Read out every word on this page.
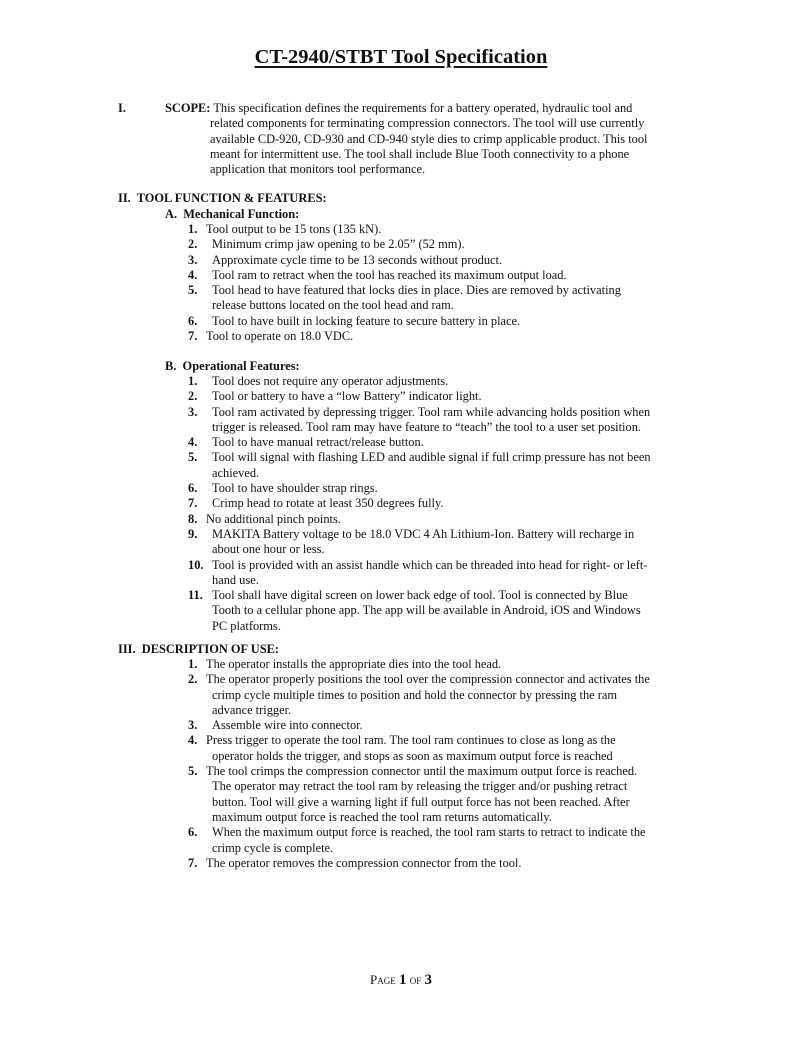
CT-2940/STBT Tool Specification
I.	SCOPE: This specification defines the requirements for a battery operated, hydraulic tool and
related components for terminating compression connectors. The tool will use currently
available CD-920, CD-930 and CD-940 style dies to crimp applicable product. This tool
meant for intermittent use. The tool shall include Blue Tooth connectivity to a phone
application that monitors tool performance.
II.  TOOL FUNCTION & FEATURES:
A.  Mechanical Function:
1. Tool output to be 15 tons (135 kN).
2. Minimum crimp jaw opening to be 2.05” (52 mm).
3. Approximate cycle time to be 13 seconds without product.
4. Tool ram to retract when the tool has reached its maximum output load.
5. Tool head to have featured that locks dies in place. Dies are removed by activating
release buttons located on the tool head and ram.
6. Tool to have built in locking feature to secure battery in place.
7. Tool to operate on 18.0 VDC.
B.  Operational Features:
1. Tool does not require any operator adjustments.
2. Tool or battery to have a “low Battery” indicator light.
3. Tool ram activated by depressing trigger. Tool ram while advancing holds position when
trigger is released. Tool ram may have feature to “teach” the tool to a user set position.
4. Tool to have manual retract/release button.
5. Tool will signal with flashing LED and audible signal if full crimp pressure has not been
achieved.
6. Tool to have shoulder strap rings.
7. Crimp head to rotate at least 350 degrees fully.
8. No additional pinch points.
9. MAKITA Battery voltage to be 18.0 VDC 4 Ah Lithium-Ion. Battery will recharge in
about one hour or less.
10. Tool is provided with an assist handle which can be threaded into head for right- or left-
hand use.
11. Tool shall have digital screen on lower back edge of tool. Tool is connected by Blue
Tooth to a cellular phone app. The app will be available in Android, iOS and Windows
PC platforms.
III.  DESCRIPTION OF USE:
1. The operator installs the appropriate dies into the tool head.
2. The operator properly positions the tool over the compression connector and activates the
crimp cycle multiple times to position and hold the connector by pressing the ram
advance trigger.
3. Assemble wire into connector.
4. Press trigger to operate the tool ram. The tool ram continues to close as long as the
operator holds the trigger, and stops as soon as maximum output force is reached
5. The tool crimps the compression connector until the maximum output force is reached.
The operator may retract the tool ram by releasing the trigger and/or pushing retract
button. Tool will give a warning light if full output force has not been reached. After
maximum output force is reached the tool ram returns automatically.
6. When the maximum output force is reached, the tool ram starts to retract to indicate the
crimp cycle is complete.
7. The operator removes the compression connector from the tool.
Page 1 of 3
